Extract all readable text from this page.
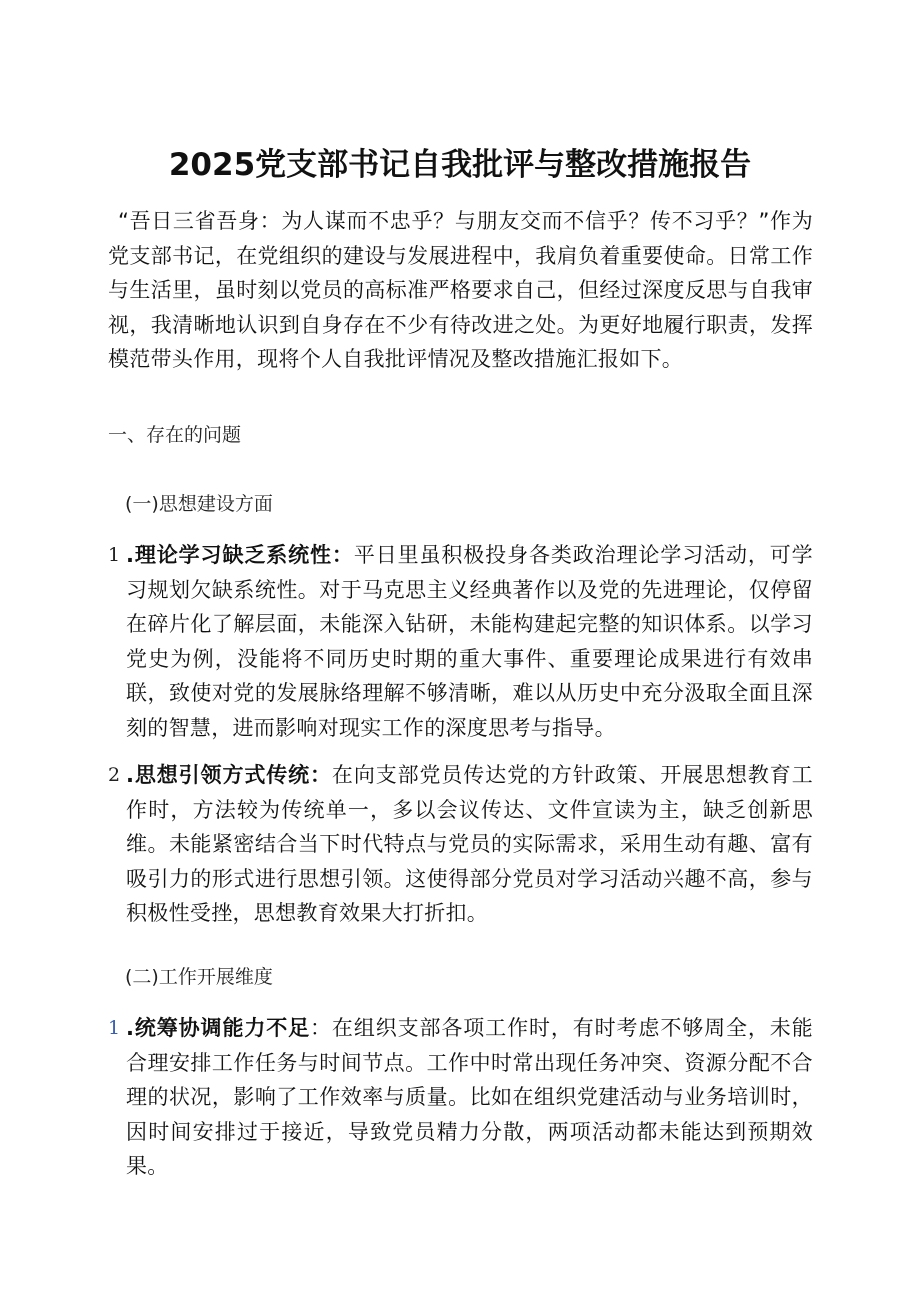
2025党支部书记自我批评与整改措施报告

“吾日三省吾身：为人谋而不忠乎？与朋友交而不信乎？传不习乎？”作为党支部书记，在党组织的建设与发展进程中，我肩负着重要使命。日常工作与生活里，虽时刻以党员的高标准严格要求自己，但经过深度反思与自我审视，我清晰地认识到自身存在不少有待改进之处。为更好地履行职责，发挥模范带头作用，现将个人自我批评情况及整改措施汇报如下。

一、存在的问题

(一)思想建设方面

1 .理论学习缺乏系统性：平日里虽积极投身各类政治理论学习活动，可学习规划欠缺系统性。对于马克思主义经典著作以及党的先进理论，仅停留在碎片化了解层面，未能深入钻研，未能构建起完整的知识体系。以学习党史为例，没能将不同历史时期的重大事件、重要理论成果进行有效串联，致使对党的发展脉络理解不够清晰，难以从历史中充分汲取全面且深刻的智慧，进而影响对现实工作的深度思考与指导。
2 .思想引领方式传统：在向支部党员传达党的方针政策、开展思想教育工作时，方法较为传统单一，多以会议传达、文件宣读为主，缺乏创新思维。未能紧密结合当下时代特点与党员的实际需求，采用生动有趣、富有吸引力的形式进行思想引领。这使得部分党员对学习活动兴趣不高，参与积极性受挫，思想教育效果大打折扣。

(二)工作开展维度

1 .统筹协调能力不足：在组织支部各项工作时，有时考虑不够周全，未能合理安排工作任务与时间节点。工作中时常出现任务冲突、资源分配不合理的状况，影响了工作效率与质量。比如在组织党建活动与业务培训时，因时间安排过于接近，导致党员精力分散，两项活动都未能达到预期效果。
